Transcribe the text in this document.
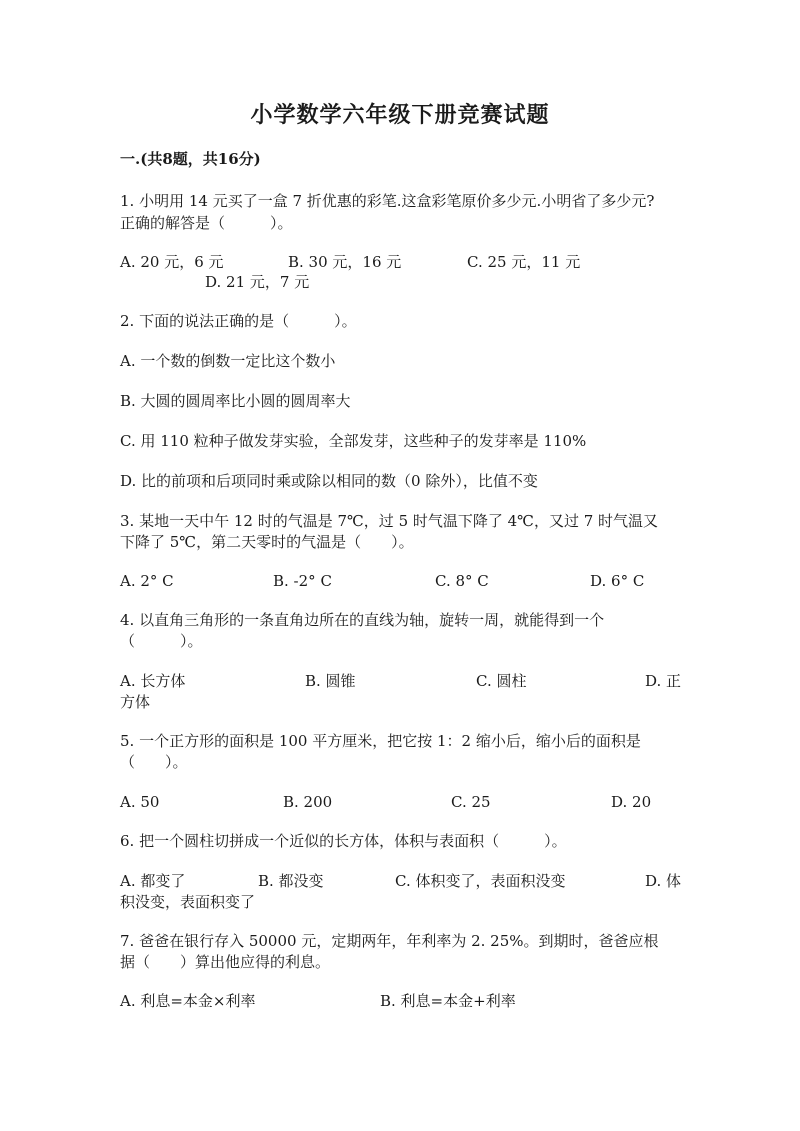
小学数学六年级下册竞赛试题
一.(共8题，共16分)
1. 小明用 14 元买了一盒 7 折优惠的彩笔.这盒彩笔原价多少元.小明省了多少元?
正确的解答是（　　　）。
A. 20 元，6 元	B. 30 元，16 元	C. 25 元，11 元
D. 21 元，7 元
2. 下面的说法正确的是（　　　）。
A. 一个数的倒数一定比这个数小
B. 大圆的圆周率比小圆的圆周率大
C. 用 110 粒种子做发芽实验，全部发芽，这些种子的发芽率是 110%
D. 比的前项和后项同时乘或除以相同的数（0 除外），比值不变
3. 某地一天中午 12 时的气温是 7℃，过 5 时气温下降了 4℃，又过 7 时气温又
下降了 5℃，第二天零时的气温是（　　）。
A. 2° C	B. -2° C	C. 8° C	D. 6° C
4. 以直角三角形的一条直角边所在的直线为轴，旋转一周，就能得到一个
（　　　）。
A. 长方体	B. 圆锥	C. 圆柱	D. 正
方体
5. 一个正方形的面积是 100 平方厘米，把它按 1：2 缩小后，缩小后的面积是
（　　）。
A. 50	B. 200	C. 25	D. 20
6. 把一个圆柱切拼成一个近似的长方体，体积与表面积（　　　）。
A. 都变了	B. 都没变	C. 体积变了，表面积没变	D. 体
积没变，表面积变了
7. 爸爸在银行存入 50000 元，定期两年，年利率为 2. 25%。到期时，爸爸应根
据（　　）算出他应得的利息。
A. 利息=本金×利率	B. 利息=本金+利率
